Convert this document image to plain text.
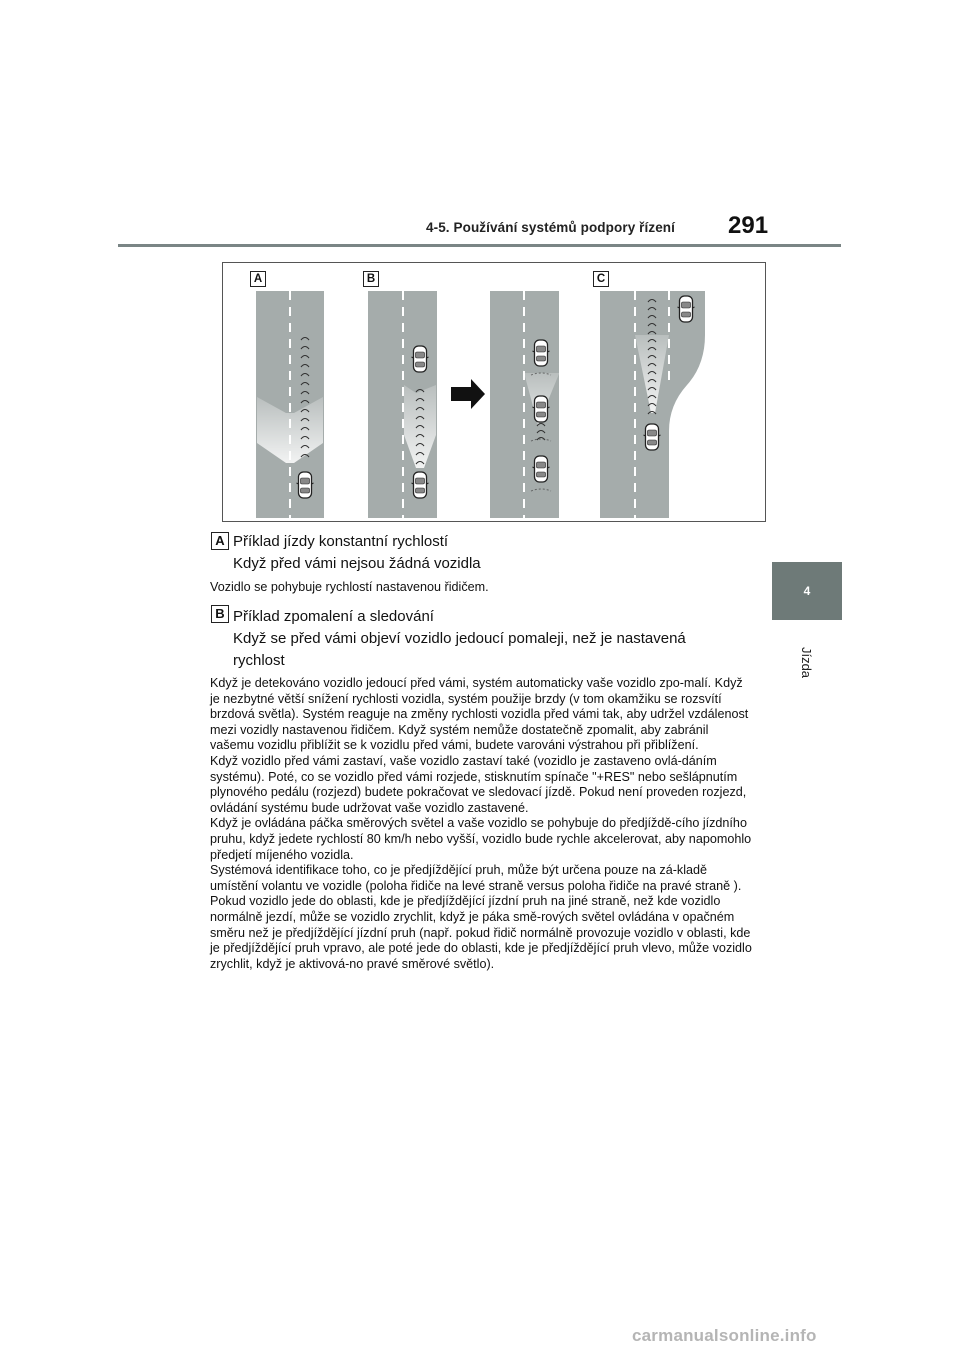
4-5. Používání systémů podpory řízení 291
4
Jízda
A	B	C
A Příklad jízdy konstantní rychlostí
Když před vámi nejsou žádná vozidla

Vozidlo se pohybuje rychlostí nastavenou řidičem.

B Příklad zpomalení a sledování
Když se před vámi objeví vozidlo jedoucí pomaleji, než je nastavená
rychlost

Když je detekováno vozidlo jedoucí před vámi, systém automaticky vaše vozidlo zpo-malí. Když je nezbytné větší snížení rychlosti vozidla, systém použije brzdy (v tom okamžiku se rozsvítí brzdová světla). Systém reaguje na změny rychlosti vozidla před vámi tak, aby udržel vzdálenost mezi vozidly nastavenou řidičem. Když systém nemůže dostatečně zpomalit, aby zabránil vašemu vozidlu přiblížit se k vozidlu před vámi, budete varováni výstrahou při přiblížení.

Když vozidlo před vámi zastaví, vaše vozidlo zastaví také (vozidlo je zastaveno ovlá-dáním systému). Poté, co se vozidlo před vámi rozjede, stisknutím spínače "+RES" nebo sešlápnutím plynového pedálu (rozjezd) budete pokračovat ve sledovací jízdě. Pokud není proveden rozjezd, ovládání systému bude udržovat vaše vozidlo zastavené.

Když je ovládána páčka směrových světel a vaše vozidlo se pohybuje do předjíždě-cího jízdního pruhu, když jedete rychlostí 80 km/h nebo vyšší, vozidlo bude rychle akcelerovat, aby napomohlo předjetí míjeného vozidla.

Systémová identifikace toho, co je předjíždějící pruh, může být určena pouze na zá-kladě umístění volantu ve vozidle (poloha řidiče na levé straně versus poloha řidiče na pravé straně ). Pokud vozidlo jede do oblasti, kde je předjíždějící jízdní pruh na jiné straně, než kde vozidlo normálně jezdí, může se vozidlo zrychlit, když je páka smě-rových světel ovládána v opačném směru než je předjíždějící jízdní pruh (např. pokud řidič normálně provozuje vozidlo v oblasti, kde je předjíždějící pruh vpravo, ale poté jede do oblasti, kde je předjíždějící pruh vlevo, může vozidlo zrychlit, když je aktivová-no pravé směrové světlo).

carmanualsonline.info
